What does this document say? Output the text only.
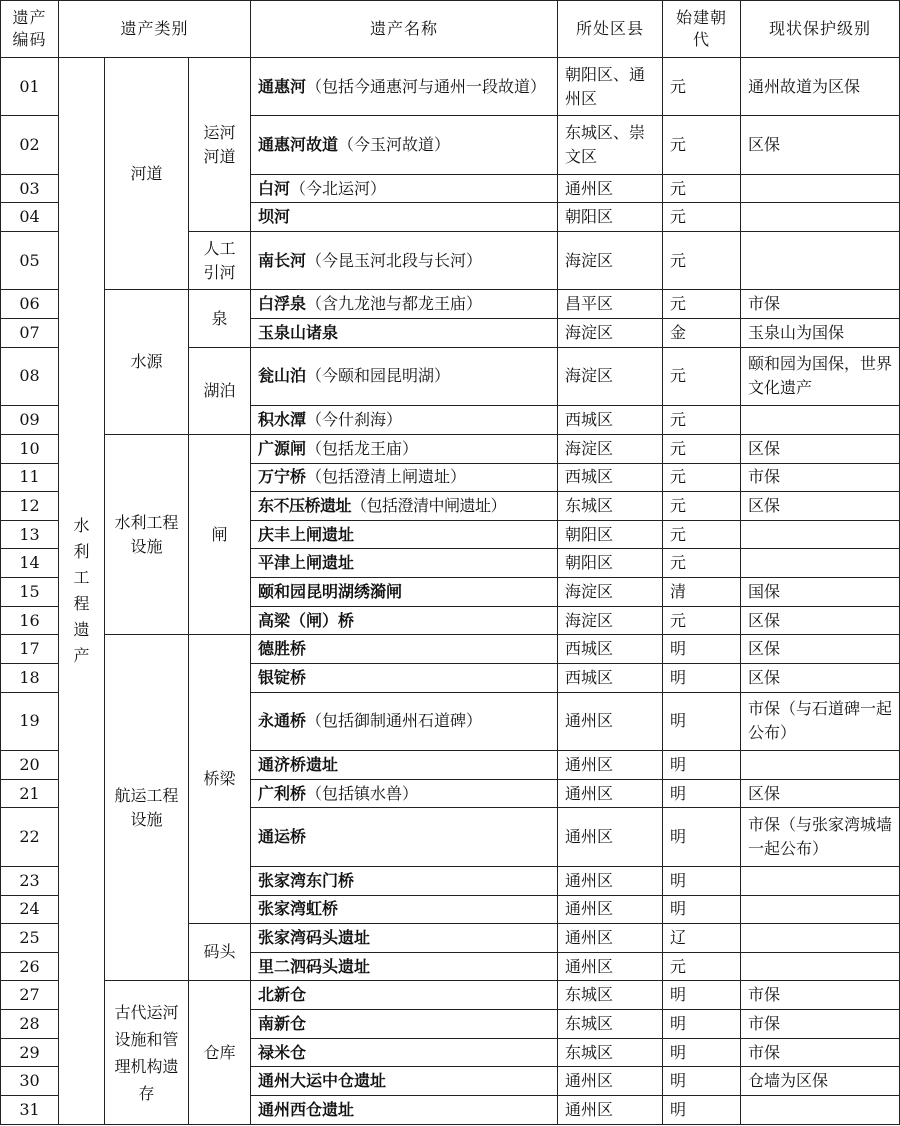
遗产编码	遗产类别			遗产名称	所处区县	始建朝代	现状保护级别
01	水利工程遗产	河道	运河河道	通惠河（包括今通惠河与通州一段故道）	朝阳区、通州区	元	通州故道为区保
02				通惠河故道（今玉河故道）	东城区、崇文区	元	区保
03				白河（今北运河）	通州区	元	
04				坝河	朝阳区	元	
05			人工引河	南长河（今昆玉河北段与长河）	海淀区	元	
06		水源	泉	白浮泉（含九龙池与都龙王庙）	昌平区	元	市保
07				玉泉山诸泉	海淀区	金	玉泉山为国保
08			湖泊	瓮山泊（今颐和园昆明湖）	海淀区	元	颐和园为国保，世界文化遗产
09				积水潭（今什刹海）	西城区	元	
10		水利工程设施	闸	广源闸（包括龙王庙）	海淀区	元	区保
11				万宁桥（包括澄清上闸遗址）	西城区	元	市保
12				东不压桥遗址（包括澄清中闸遗址）	东城区	元	区保
13				庆丰上闸遗址	朝阳区	元	
14				平津上闸遗址	朝阳区	元	
15				颐和园昆明湖绣漪闸	海淀区	清	国保
16				高梁（闸）桥	海淀区	元	区保
17		航运工程设施	桥梁	德胜桥	西城区	明	区保
18				银锭桥	西城区	明	区保
19				永通桥（包括御制通州石道碑）	通州区	明	市保（与石道碑一起公布）
20				通济桥遗址	通州区	明	
21				广利桥（包括镇水兽）	通州区	明	区保
22				通运桥	通州区	明	市保（与张家湾城墙一起公布）
23				张家湾东门桥	通州区	明	
24				张家湾虹桥	通州区	明	
25			码头	张家湾码头遗址	通州区	辽	
26				里二泗码头遗址	通州区	元	
27		古代运河设施和管理机构遗存	仓库	北新仓	东城区	明	市保
28				南新仓	东城区	明	市保
29				禄米仓	东城区	明	市保
30				通州大运中仓遗址	通州区	明	仓墙为区保
31				通州西仓遗址	通州区	明	
